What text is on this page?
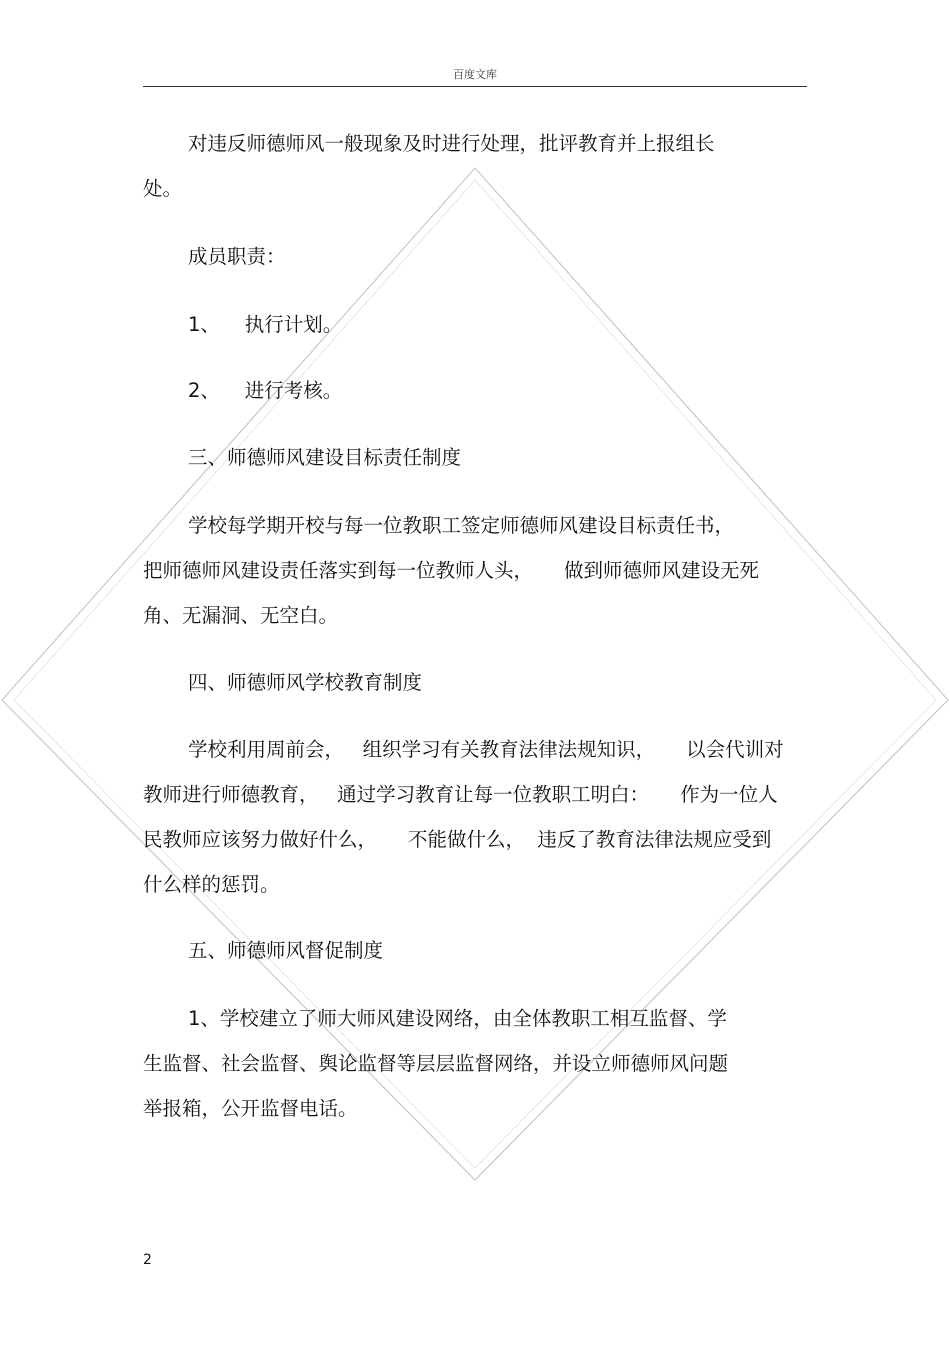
百度文库
对违反师德师风一般现象及时进行处理，批评教育并上报组长
处。
成员职责：
1、    执行计划。
2、    进行考核。
三、师德师风建设目标责任制度
学校每学期开校与每一位教职工签定师德师风建设目标责任书，
把师德师风建设责任落实到每一位教师人头，     做到师德师风建设无死
角、无漏洞、无空白。
四、师德师风学校教育制度
学校利用周前会，   组织学习有关教育法律法规知识，     以会代训对
教师进行师德教育，   通过学习教育让每一位教职工明白：     作为一位人
民教师应该努力做好什么，     不能做什么，  违反了教育法律法规应受到
什么样的惩罚。
五、师德师风督促制度
1、学校建立了师大师风建设网络，由全体教职工相互监督、学
生监督、社会监督、舆论监督等层层监督网络，并设立师德师风问题
举报箱，公开监督电话。
2
